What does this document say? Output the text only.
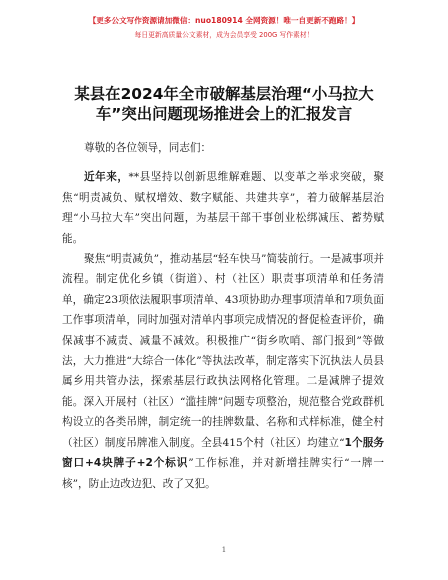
【更多公文写作资源请加微信：nuo180914 全网资源！唯一自更新不跑路！】
每日更新高质量公文素材，成为会员享受 200G 写作素材！
某县在2024年全市破解基层治理“小马拉大
车”突出问题现场推进会上的汇报发言

尊敬的各位领导，同志们：

近年来，**县坚持以创新思维解难题、以变革之举求突破，聚焦“明责减负、赋权增效、数字赋能、共建共享”，着力破解基层治理“小马拉大车”突出问题，为基层干部干事创业松绑减压、蓄势赋能。

聚焦“明责减负”，推动基层“轻车快马”简装前行。一是减事项并流程。制定优化乡镇（街道）、村（社区）职责事项清单和任务清单，确定23项依法履职事项清单、43项协助办理事项清单和7项负面工作事项清单，同时加强对清单内事项完成情况的督促检查评价，确保减事不减责、减量不减效。积极推广“街乡吹哨、部门报到”等做法，大力推进“大综合一体化”等执法改革，制定落实下沉执法人员县属乡用共管办法，探索基层行政执法网格化管理。二是减牌子提效能。深入开展村（社区）“滥挂牌”问题专项整治，规范整合党政群机构设立的各类吊牌，制定统一的挂牌数量、名称和式样标准，健全村（社区）制度吊牌准入制度。全县415个村（社区）均建立“1个服务窗口+4块牌子+2个标识”工作标准，并对新增挂牌实行“一牌一核”，防止边改边犯、改了又犯。

1
